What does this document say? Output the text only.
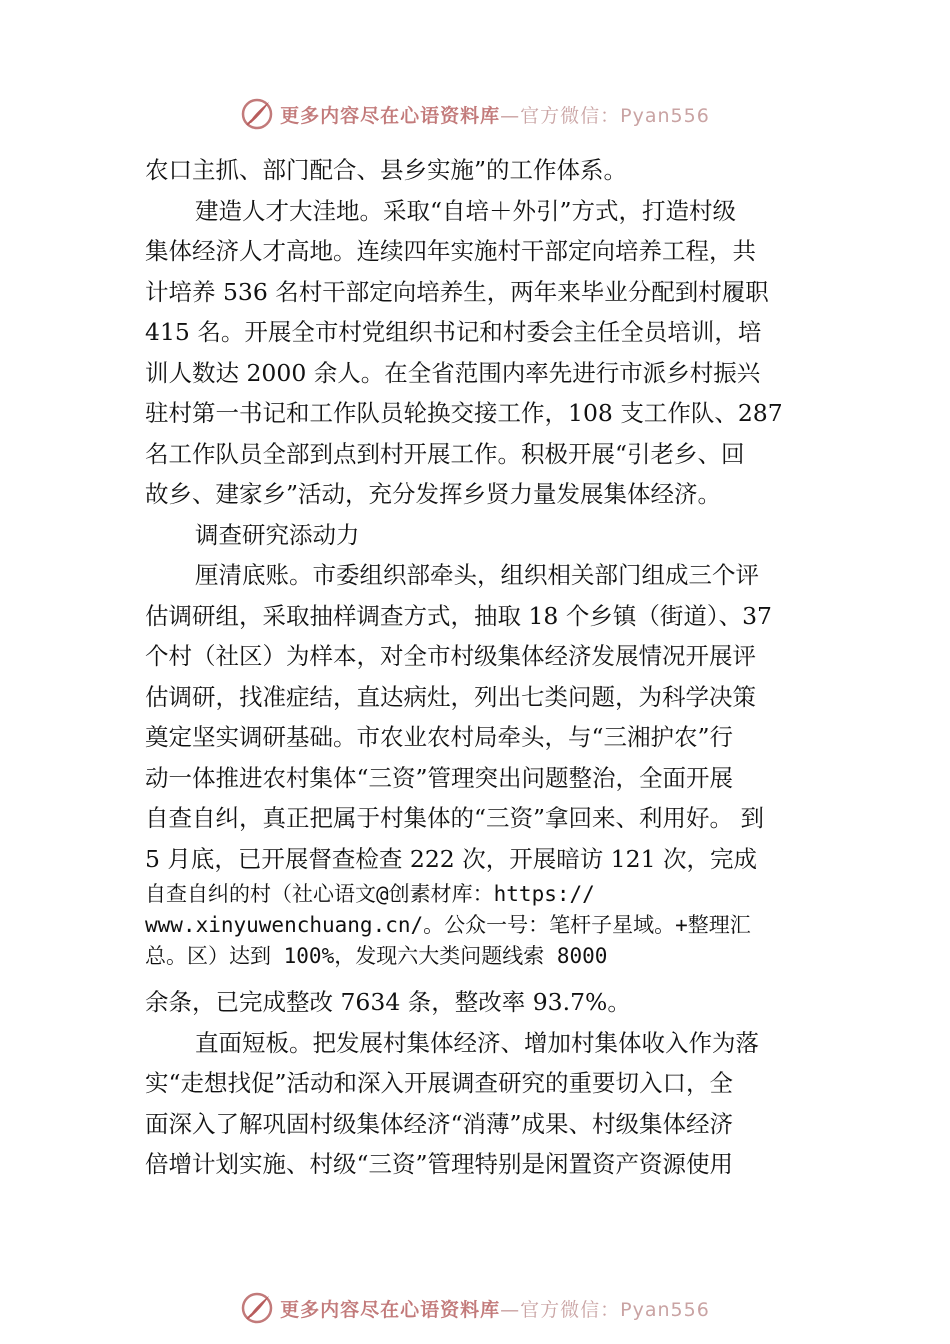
更多内容尽在心语资料库—官方微信：Pyan556
农口主抓、部门配合、县乡实施”的工作体系。
建造人才大洼地。采取“自培＋外引”方式，打造村级
集体经济人才高地。连续四年实施村干部定向培养工程，共
计培养 536 名村干部定向培养生，两年来毕业分配到村履职
415 名。开展全市村党组织书记和村委会主任全员培训，培
训人数达 2000 余人。在全省范围内率先进行市派乡村振兴
驻村第一书记和工作队员轮换交接工作，108 支工作队、287
名工作队员全部到点到村开展工作。积极开展“引老乡、回
故乡、建家乡”活动，充分发挥乡贤力量发展集体经济。
调查研究添动力
厘清底账。市委组织部牵头，组织相关部门组成三个评
估调研组，采取抽样调查方式，抽取 18 个乡镇（街道）、37
个村（社区）为样本，对全市村级集体经济发展情况开展评
估调研，找准症结，直达病灶，列出七类问题，为科学决策
奠定坚实调研基础。市农业农村局牵头，与“三湘护农”行
动一体推进农村集体“三资”管理突出问题整治，全面开展
自查自纠，真正把属于村集体的“三资”拿回来、利用好。 到
5 月底，已开展督查检查 222 次，开展暗访 121 次，完成
自查自纠的村（社心语文@创素材库：https://
www.xinyuwenchuang.cn/。公众一号：笔杆子星域。+整理汇
总。区）达到 100%，发现六大类问题线索 8000
余条，已完成整改 7634 条，整改率 93.7%。
直面短板。把发展村集体经济、增加村集体收入作为落
实“走想找促”活动和深入开展调查研究的重要切入口，全
面深入了解巩固村级集体经济“消薄”成果、村级集体经济
倍增计划实施、村级“三资”管理特别是闲置资产资源使用
更多内容尽在心语资料库—官方微信：Pyan556
